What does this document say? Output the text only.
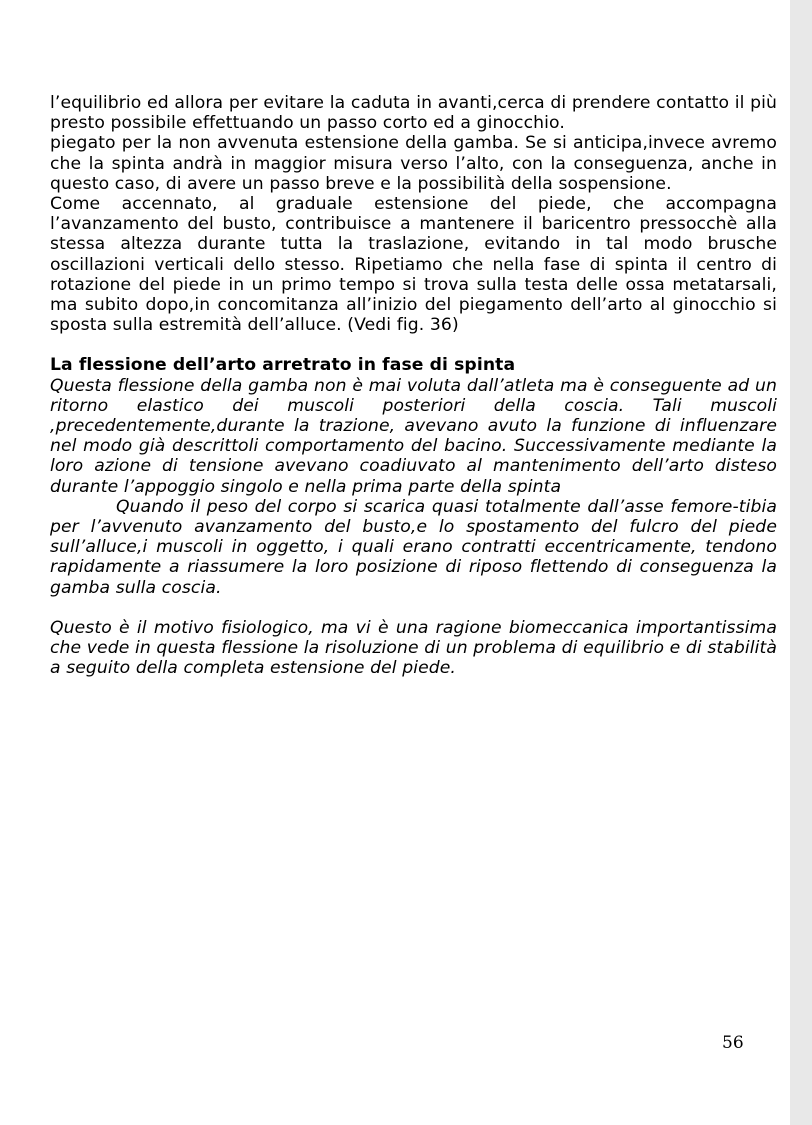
l’equilibrio ed allora per evitare la caduta in avanti,cerca di prendere contatto il più presto possibile effettuando un passo corto ed a ginocchio.

piegato per la non avvenuta estensione della gamba. Se si anticipa,invece avremo che la spinta andrà in maggior misura verso l’alto, con la conseguenza, anche in questo caso, di avere un passo breve e la possibilità della sospensione.

Come accennato, al graduale estensione del piede, che accompagna l’avanzamento del busto, contribuisce a mantenere il baricentro pressocchè alla stessa altezza durante tutta la traslazione, evitando in tal modo brusche oscillazioni verticali dello stesso. Ripetiamo che nella fase di spinta il centro di rotazione del piede in un primo tempo si trova sulla testa delle ossa metatarsali, ma subito dopo,in concomitanza all’inizio del piegamento dell’arto al ginocchio si sposta sulla estremità dell’alluce. (Vedi fig. 36)

La flessione dell’arto arretrato in fase di spinta

Questa flessione della gamba non è mai voluta dall’atleta ma è conseguente ad un ritorno elastico dei muscoli posteriori della coscia. Tali muscoli ,precedentemente,durante la trazione, avevano avuto la funzione di influenzare nel modo già descrittoli comportamento del bacino. Successivamente mediante la loro azione di tensione avevano coadiuvato al mantenimento dell’arto disteso durante l’appoggio singolo e nella prima parte della spinta

Quando il peso del corpo si scarica quasi totalmente dall’asse femore-tibia per l’avvenuto avanzamento del busto,e lo spostamento del fulcro del piede sull’alluce,i muscoli in oggetto, i quali erano contratti eccentricamente, tendono rapidamente a riassumere la loro posizione di riposo flettendo di conseguenza la gamba sulla coscia.

Questo è il motivo fisiologico, ma vi è una ragione biomeccanica importantissima che vede in questa flessione la risoluzione di un problema di equilibrio e di stabilità a seguito della completa estensione del piede.

56
